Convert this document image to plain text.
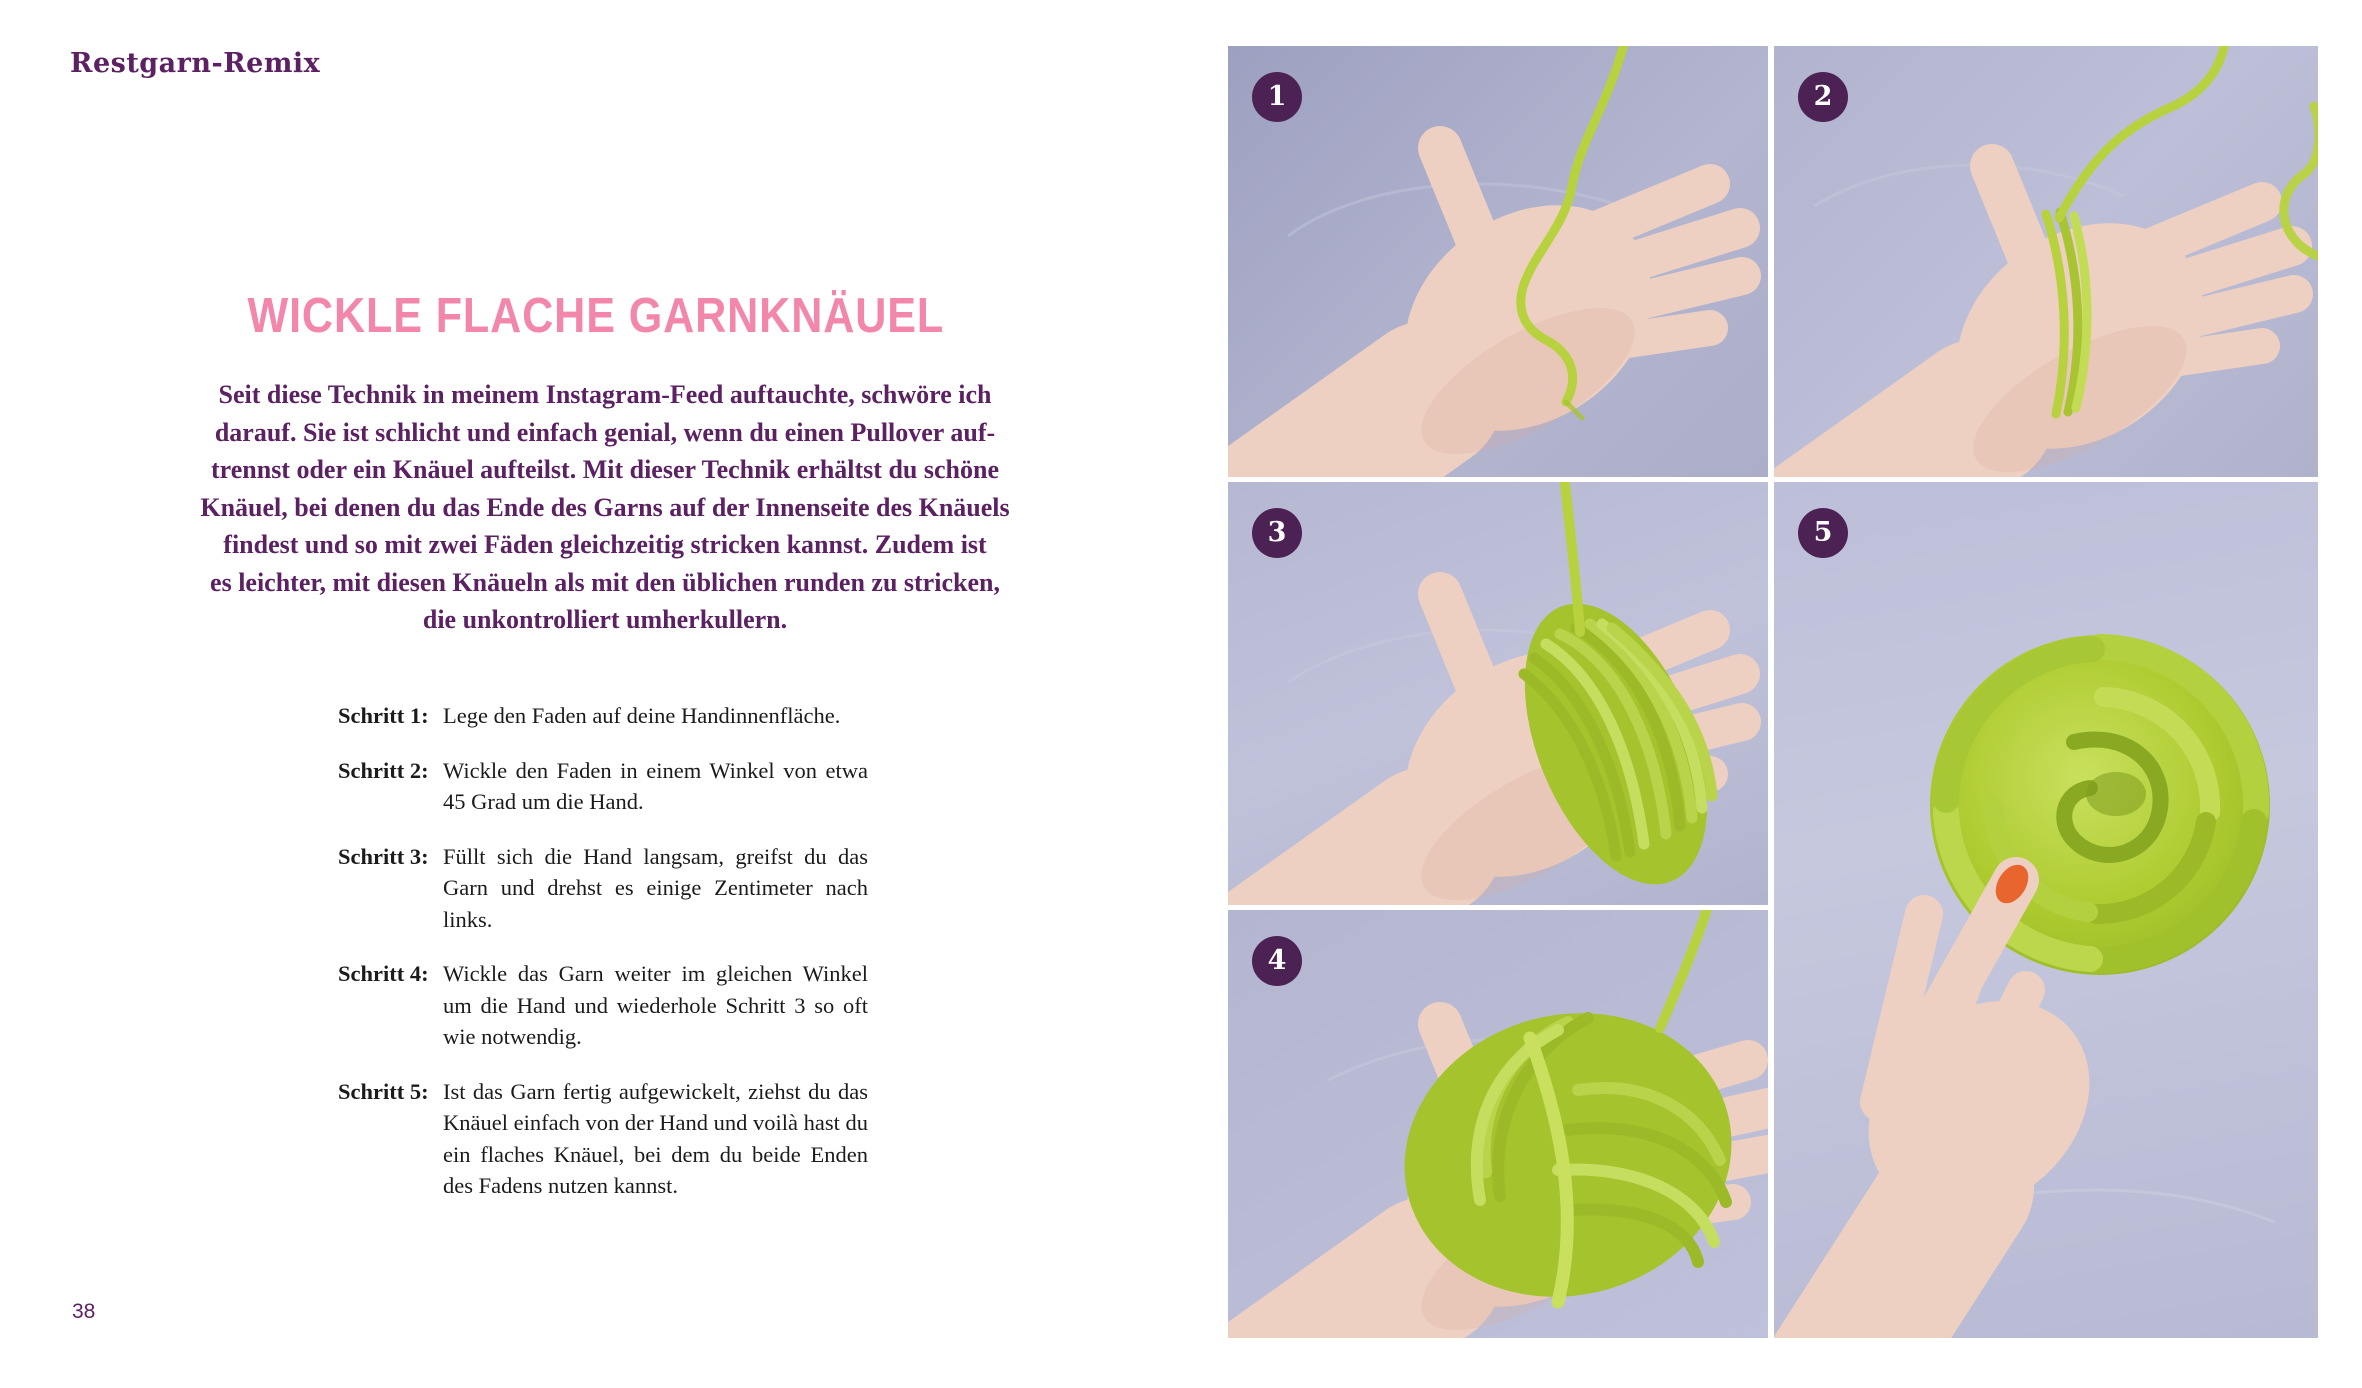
Restgarn-Remix
WICKLE FLACHE GARNKNÄUEL
Seit diese Technik in meinem Instagram-Feed auftauchte, schwöre ich
darauf. Sie ist schlicht und einfach genial, wenn du einen Pullover auf-
trennst oder ein Knäuel aufteilst. Mit dieser Technik erhältst du schöne
Knäuel, bei denen du das Ende des Garns auf der Innenseite des Knäuels
findest und so mit zwei Fäden gleichzeitig stricken kannst. Zudem ist
es leichter, mit diesen Knäueln als mit den üblichen runden zu stricken,
die unkontrolliert umherkullern.
Schritt 1: Lege den Faden auf deine Handinnenfläche.
Schritt 2: Wickle den Faden in einem Winkel von etwa 45 Grad um die Hand.
Schritt 3: Füllt sich die Hand langsam, greifst du das Garn und drehst es einige Zentimeter nach links.
Schritt 4: Wickle das Garn weiter im gleichen Winkel um die Hand und wiederhole Schritt 3 so oft wie notwendig.
Schritt 5: Ist das Garn fertig aufgewickelt, ziehst du das Knäuel einfach von der Hand und voilà hast du ein flaches Knäuel, bei dem du beide Enden des Fadens nutzen kannst.
38
1	2
3	5
4
